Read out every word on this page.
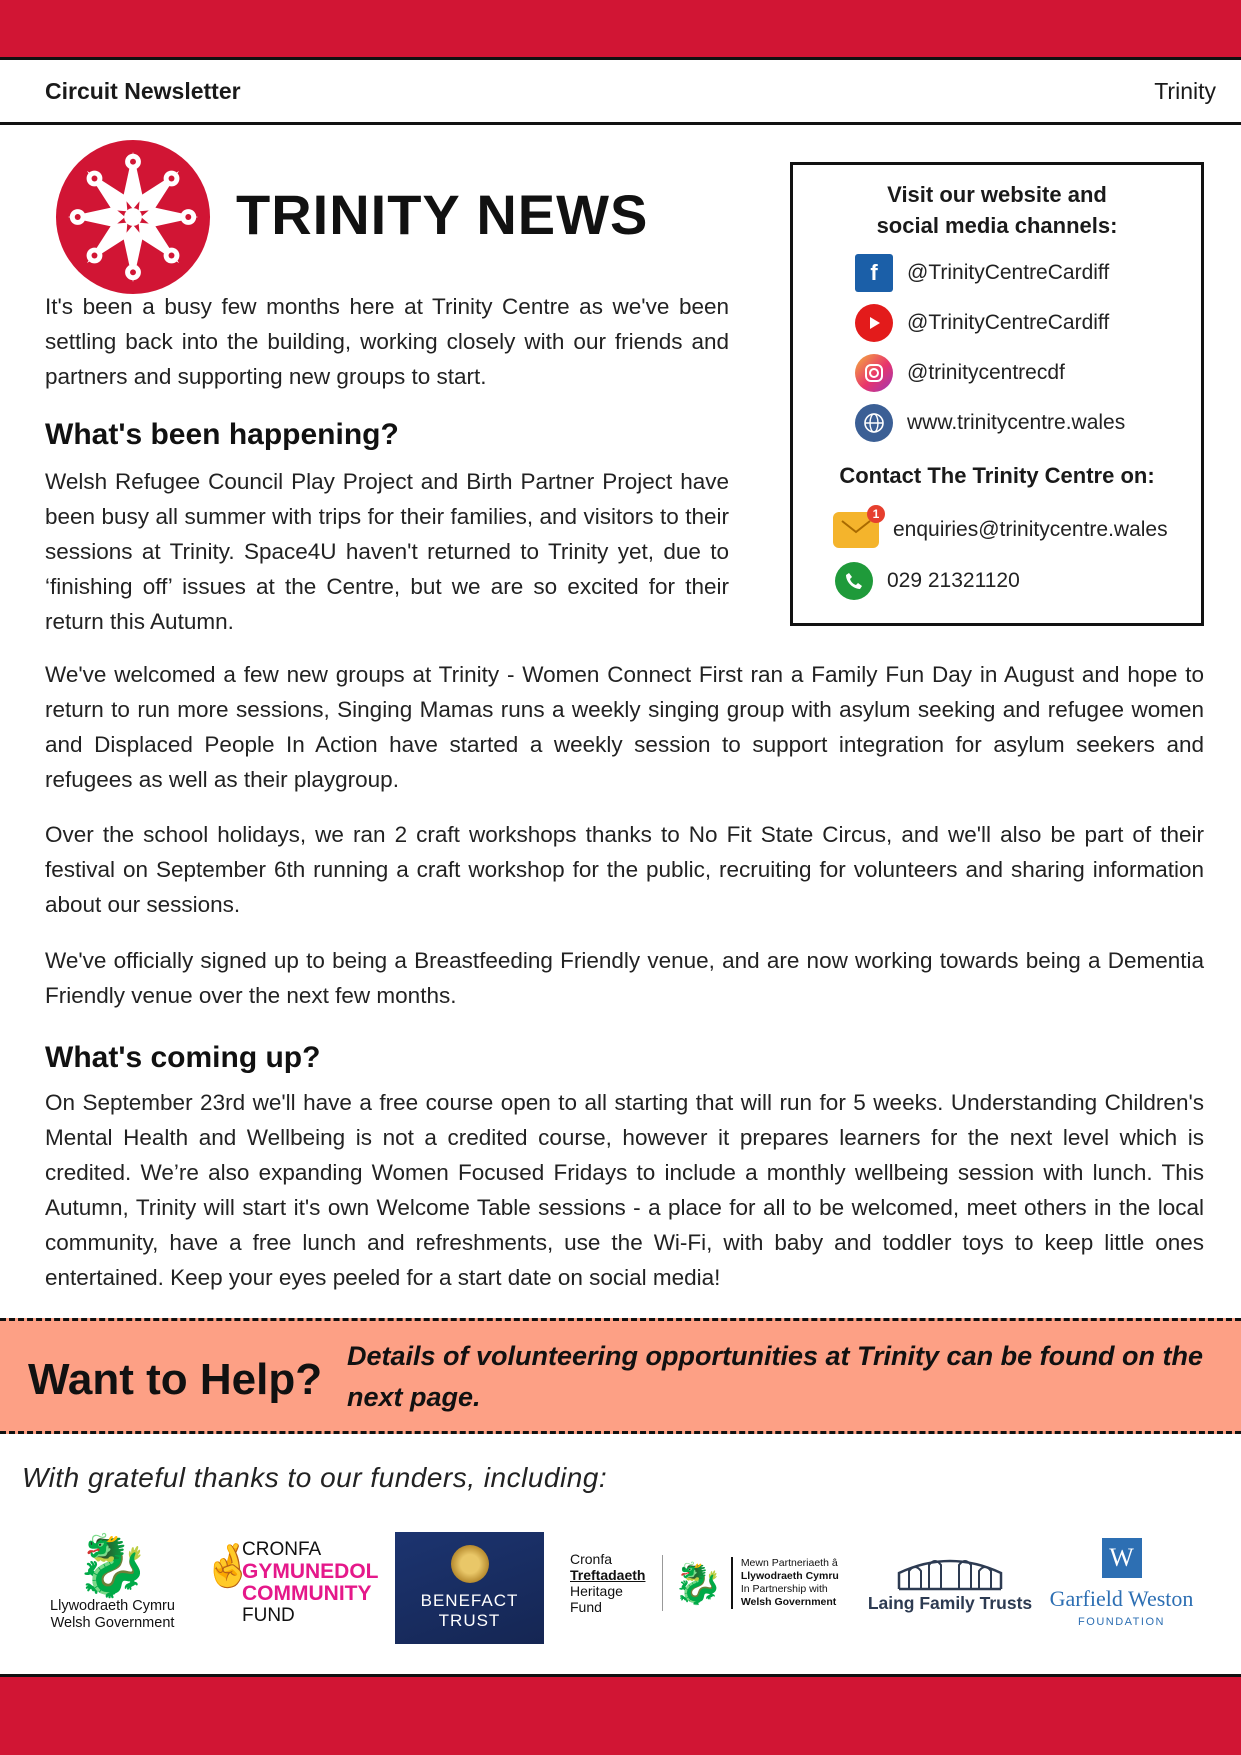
Circuit Newsletter	Trinity
TRINITY NEWS

It's been a busy few months here at Trinity Centre as we've been settling back into the building, working closely with our friends and partners and supporting new groups to start.

What's been happening?

Welsh Refugee Council Play Project and Birth Partner Project have been busy all summer with trips for their families, and visitors to their sessions at Trinity. Space4U haven't returned to Trinity yet, due to ‘finishing off’ issues at the Centre, but we are so excited for their return this Autumn.

Visit our website and
social media channels:
f	@TrinityCentreCardiff
@TrinityCentreCardiff
@trinitycentrecdf
www.trinitycentre.wales
Contact The Trinity Centre on:
1
enquiries@trinitycentre.wales
029 21321120

We've welcomed a few new groups at Trinity - Women Connect First ran a Family Fun Day in August and hope to return to run more sessions, Singing Mamas runs a weekly singing group with asylum seeking and refugee women and Displaced People In Action have started a weekly session to support integration for asylum seekers and refugees as well as their playgroup.

Over the school holidays, we ran 2 craft workshops thanks to No Fit State Circus, and we'll also be part of their festival on September 6th running a craft workshop for the public, recruiting for volunteers and sharing information about our sessions.

We've officially signed up to being a Breastfeeding Friendly venue, and are now working towards being a Dementia Friendly venue over the next few months.

What's coming up?

On September 23rd we'll have a free course open to all starting that will run for 5 weeks. Understanding Children's Mental Health and Wellbeing is not a credited course, however it prepares learners for the next level which is credited. We’re also expanding Women Focused Fridays to include a monthly wellbeing session with lunch. This Autumn, Trinity will start it's own Welcome Table sessions - a place for all to be welcomed, meet others in the local community, have a free lunch and refreshments, use the Wi-Fi, with baby and toddler toys to keep little ones entertained. Keep your eyes peeled for a start date on social media!

Want to Help? Details of volunteering opportunities at Trinity can be found on the next page.
With grateful thanks to our funders, including:
🐉
Llywodraeth Cymru
Welsh Government
🤞
CRONFA
GYMUNEDOL
COMMUNITY
FUND
BENEFACT
TRUST
Cronfa
Treftadaeth
Heritage
Fund
🐉 Mewn Partneriaeth â
Llywodraeth Cymru
In Partnership with
Welsh Government Laing Family Trusts
W
Garfield Weston
FOUNDATION
